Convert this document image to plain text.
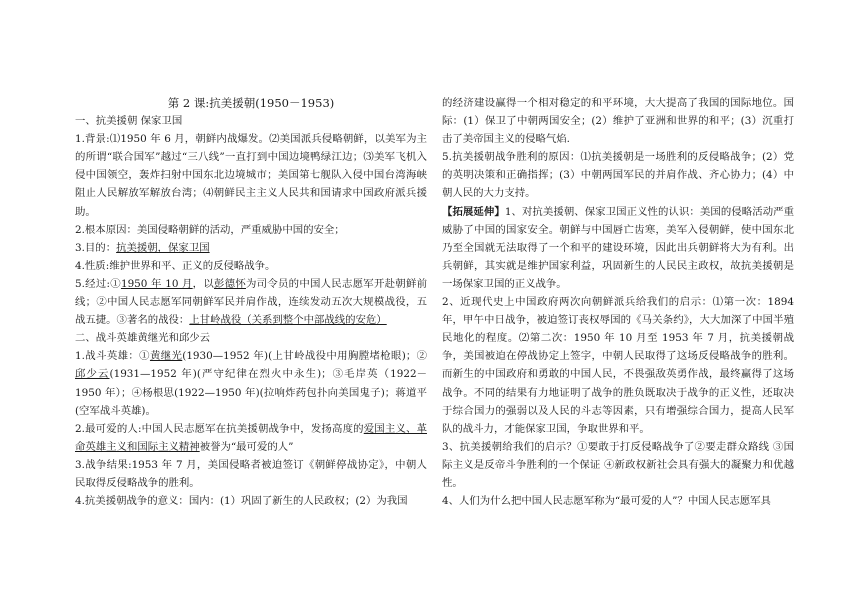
第 2 课:抗美援朝(1950－1953)

一、抗美援朝 保家卫国

1.背景:⑴1950 年 6 月，朝鲜内战爆发。⑵美国派兵侵略朝鲜，以美军为主的所谓“联合国军”越过“三八线”一直打到中国边境鸭绿江边；⑶美军飞机入侵中国领空，轰炸扫射中国东北边境城市；美国第七舰队入侵中国台湾海峡阻止人民解放军解放台湾；⑷朝鲜民主主义人民共和国请求中国政府派兵援助。

2.根本原因：美国侵略朝鲜的活动，严重威胁中国的安全；

3.目的：抗美援朝，保家卫国

4.性质:维护世界和平、正义的反侵略战争。

5.经过:①1950 年 10 月，以彭德怀为司令员的中国人民志愿军开赴朝鲜前线；②中国人民志愿军同朝鲜军民并肩作战，连续发动五次大规模战役，五战五捷。③著名的战役：上甘岭战役（关系到整个中部战线的安危）

二、战斗英雄黄继光和邱少云

1.战斗英雄：①黄继光(1930—1952 年)(上甘岭战役中用胸膛堵枪眼)；②邱少云(1931—1952 年)(严守纪律在烈火中永生)；③毛岸英（1922－1950 年）；④杨根思(1922—1950 年)(拉响炸药包扑向美国鬼子)；蒋道平(空军战斗英雄)。

2.最可爱的人:中国人民志愿军在抗美援朝战争中，发扬高度的爱国主义、革命英雄主义和国际主义精神被誉为“最可爱的人”

3.战争结果:1953 年 7 月，美国侵略者被迫签订《朝鲜停战协定》，中朝人民取得反侵略战争的胜利。

4.抗美援朝战争的意义：国内：(1）巩固了新生的人民政权；(2）为我国

的经济建设赢得一个相对稳定的和平环境，大大提高了我国的国际地位。国际：(1）保卫了中朝两国安全；(2）维护了亚洲和世界的和平；(3）沉重打击了美帝国主义的侵略气焰.

5.抗美援朝战争胜利的原因：⑴抗美援朝是一场胜利的反侵略战争；(2）党的英明决策和正确指挥；(3）中朝两国军民的并肩作战、齐心协力；(4）中朝人民的大力支持。

【拓展延伸】1、对抗美援朝、保家卫国正义性的认识：美国的侵略活动严重威胁了中国的国家安全。朝鲜与中国唇亡齿寒，美军入侵朝鲜，使中国东北乃至全国就无法取得了一个和平的建设环境，因此出兵朝鲜将大为有利。出兵朝鲜，其实就是维护国家利益，巩固新生的人民民主政权，故抗美援朝是一场保家卫国的正义战争。

2、近现代史上中国政府两次向朝鲜派兵给我们的启示：⑴第一次：1894 年，甲午中日战争，被迫签订丧权辱国的《马关条约》，大大加深了中国半殖民地化的程度。⑵第二次：1950 年 10 月至 1953 年 7 月，抗美援朝战争，美国被迫在停战协定上签字，中朝人民取得了这场反侵略战争的胜利。而新生的中国政府和勇敢的中国人民，不畏强敌英勇作战，最终赢得了这场战争。不同的结果有力地证明了战争的胜负既取决于战争的正义性，还取决于综合国力的强弱以及人民的斗志等因素，只有增强综合国力，提高人民军队的战斗力，才能保家卫国，争取世界和平。

3、抗美援朝给我们的启示？①要敢于打反侵略战争了②要走群众路线 ③国际主义是反帝斗争胜利的一个保证 ④新政权新社会具有强大的凝聚力和优越性。

4、人们为什么把中国人民志愿军称为“最可爱的人”？中国人民志愿军具
